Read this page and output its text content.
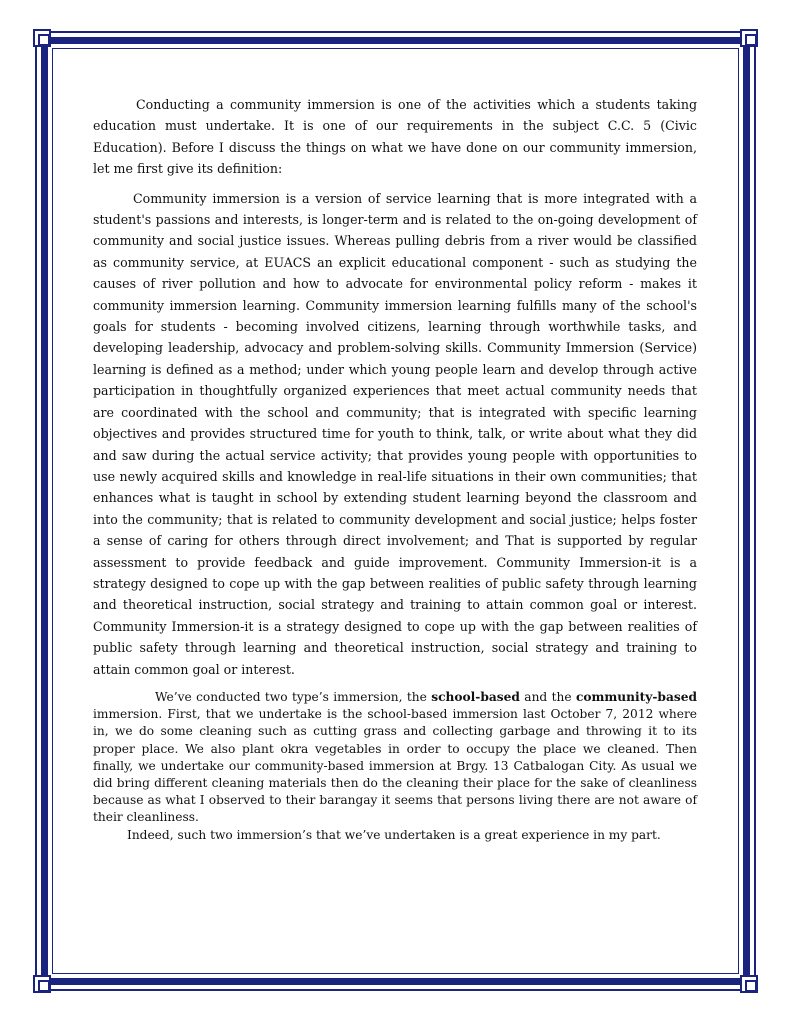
Conducting a community immersion is one of the activities which a students taking education must undertake. It is one of our requirements in the subject C.C. 5 (Civic Education). Before I discuss the things on what we have done on our community immersion, let me first give its definition:

Community immersion is a version of service learning that is more integrated with a student's passions and interests, is longer-term and is related to the on-going development of community and social justice issues. Whereas pulling debris from a river would be classified as community service, at EUACS an explicit educational component - such as studying the causes of river pollution and how to advocate for environmental policy reform - makes it community immersion learning. Community immersion learning fulfills many of the school's goals for students - becoming involved citizens, learning through worthwhile tasks, and developing leadership, advocacy and problem-solving skills. Community Immersion (Service) learning is defined as a method; under which young people learn and develop through active participation in thoughtfully organized experiences that meet actual community needs that are coordinated with the school and community; that is integrated with specific learning objectives and provides structured time for youth to think, talk, or write about what they did and saw during the actual service activity; that provides young people with opportunities to use newly acquired skills and knowledge in real-life situations in their own communities; that enhances what is taught in school by extending student learning beyond the classroom and into the community; that is related to community development and social justice; helps foster a sense of caring for others through direct involvement; and That is supported by regular assessment to provide feedback and guide improvement. Community Immersion-it is a strategy designed to cope up with the gap between realities of public safety through learning and theoretical instruction, social strategy and training to attain common goal or interest. Community Immersion-it is a strategy designed to cope up with the gap between realities of public safety through learning and theoretical instruction, social strategy and training to attain common goal or interest.

We’ve conducted two type’s immersion, the school-based and the community-based immersion. First, that we undertake is the school-based immersion last October 7, 2012 where in, we do some cleaning such as cutting grass and collecting garbage and throwing it to its proper place. We also plant okra vegetables in order to occupy the place we cleaned. Then finally, we undertake our community-based immersion at Brgy. 13 Catbalogan City. As usual we did bring different cleaning materials then do the cleaning their place for the sake of cleanliness because as what I observed to their barangay it seems that persons living there are not aware of their cleanliness.

Indeed, such two immersion’s that we’ve undertaken is a great experience in my part.
